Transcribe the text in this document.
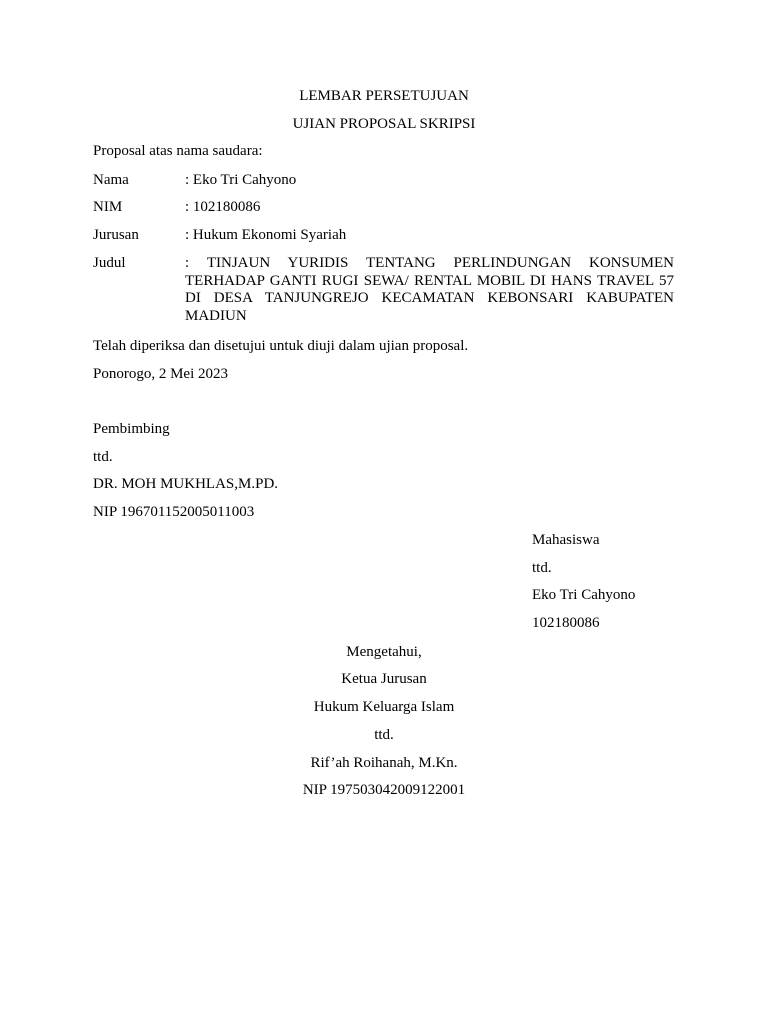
LEMBAR PERSETUJUAN
UJIAN PROPOSAL SKRIPSI
Proposal atas nama saudara:
Nama	: Eko Tri Cahyono
NIM	: 102180086
Jurusan	: Hukum Ekonomi Syariah
Judul	: TINJAUN YURIDIS TENTANG PERLINDUNGAN KONSUMEN
TERHADAP GANTI RUGI SEWA/ RENTAL MOBIL DI HANS TRAVEL 57
DI DESA TANJUNGREJO KECAMATAN KEBONSARI KABUPATEN
MADIUN
Telah diperiksa dan disetujui untuk diuji dalam ujian proposal.
Ponorogo, 2 Mei 2023
Pembimbing
ttd.
DR. MOH MUKHLAS,M.PD.
NIP 196701152005011003
Mahasiswa
ttd.
Eko Tri Cahyono
102180086
Mengetahui,
Ketua Jurusan
Hukum Keluarga Islam
ttd.
Rif’ah Roihanah, M.Kn.
NIP 197503042009122001
